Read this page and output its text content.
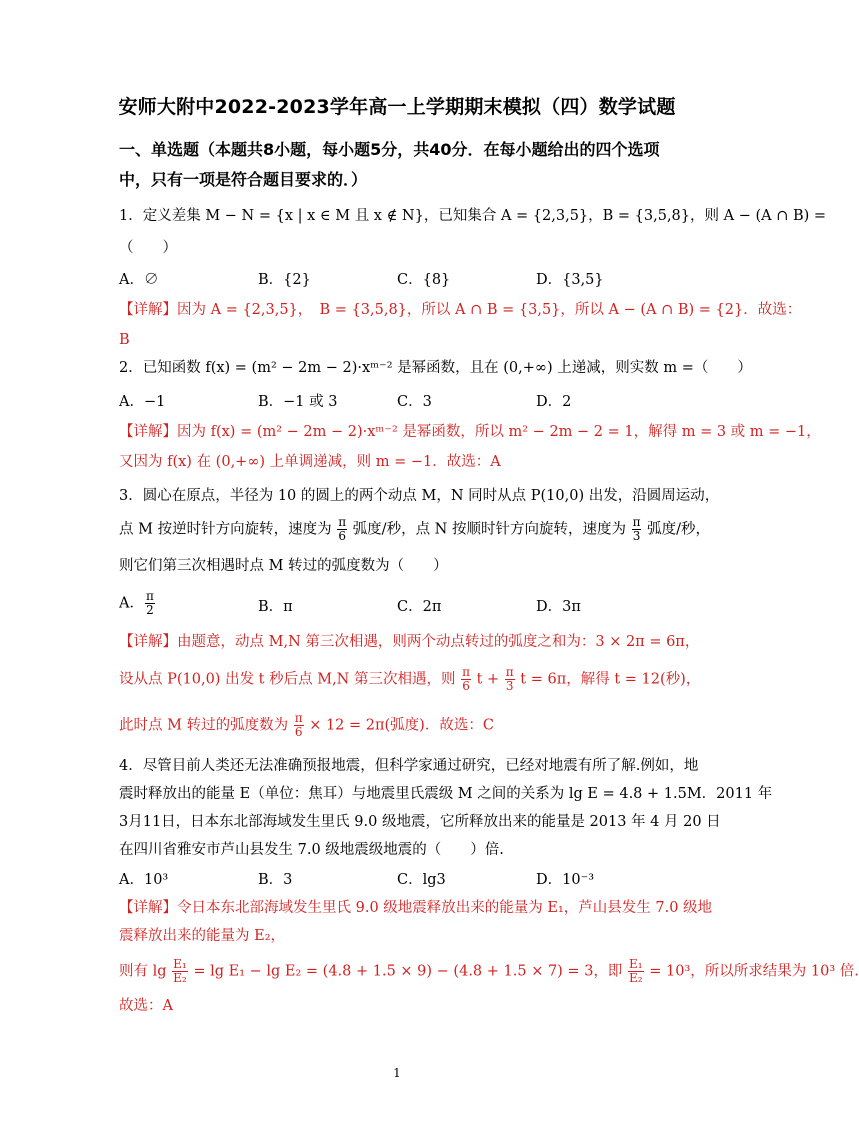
安师大附中2022-2023学年高一上学期期末模拟（四）数学试题
一、单选题（本题共8小题，每小题5分，共40分．在每小题给出的四个选项
中，只有一项是符合题目要求的．）
1．定义差集 M − N = {x | x ∈ M 且 x ∉ N}，已知集合 A = {2,3,5}，B = {3,5,8}，则 A − (A ∩ B) =
（　　）
A．∅	B．{2}	C．{8}	D．{3,5}
【详解】因为 A = {2,3,5}，　B = {3,5,8}，所以 A ∩ B = {3,5}，所以 A − (A ∩ B) = {2}．故选：
B
2．已知函数 f(x) = (m² − 2m − 2)·xᵐ⁻² 是幂函数，且在 (0,+∞) 上递减，则实数 m =（　　）
A．−1	B．−1 或 3	C．3	D．2
【详解】因为 f(x) = (m² − 2m − 2)·xᵐ⁻² 是幂函数，所以 m² − 2m − 2 = 1，解得 m = 3 或 m = −1，
又因为 f(x) 在 (0,+∞) 上单调递减，则 m = −1．故选：A
3．圆心在原点，半径为 10 的圆上的两个动点 M，N 同时从点 P(10,0) 出发，沿圆周运动，
点 M 按逆时针方向旋转，速度为 $\frac{\pi}{6}$ 弧度/秒，点 N 按顺时针方向旋转，速度为 $\frac{\pi}{3}$ 弧度/秒，
则它们第三次相遇时点 M 转过的弧度数为（　　）
A． $\frac{\pi}{2}$	B．π	C．2π	D．3π
【详解】由题意，动点 M,N 第三次相遇，则两个动点转过的弧度之和为：3 × 2π = 6π，
设从点 P(10,0) 出发 t 秒后点 M,N 第三次相遇，则 $\frac{\pi}{6}$ $t + \frac{\pi}{3}$ t = 6π，解得 t = 12(秒)，
此时点 M 转过的弧度数为 $\frac{\pi}{6} \times 12 = 2\pi$(弧度)．故选：C
4．尽管目前人类还无法准确预报地震，但科学家通过研究，已经对地震有所了解.例如，地
震时释放出的能量 E（单位：焦耳）与地震里氏震级 M 之间的关系为 lg E = 4.8 + 1.5M．2011 年
3月11日，日本东北部海域发生里氏 9.0 级地震，它所释放出来的能量是 2013 年 4 月 20 日
在四川省雅安市芦山县发生 7.0 级地震级地震的（　　）倍.
A．10³	B．3	C．lg3	D．10⁻³
【详解】令日本东北部海域发生里氏 9.0 级地震释放出来的能量为 E₁，芦山县发生 7.0 级地
震释放出来的能量为 E₂，
则有 $\lg \frac{\text{E₁}}{\text{E₂}} = \lg E_1 - \lg E_2 = (4.8 + 1.5 \times 9) - (4.8 + 1.5 \times 7) = 3$，即 $\frac{\text{E₁}}{\text{E₂}} = 10^3$，所以所求结果为 10³ 倍.
故选：A
1
